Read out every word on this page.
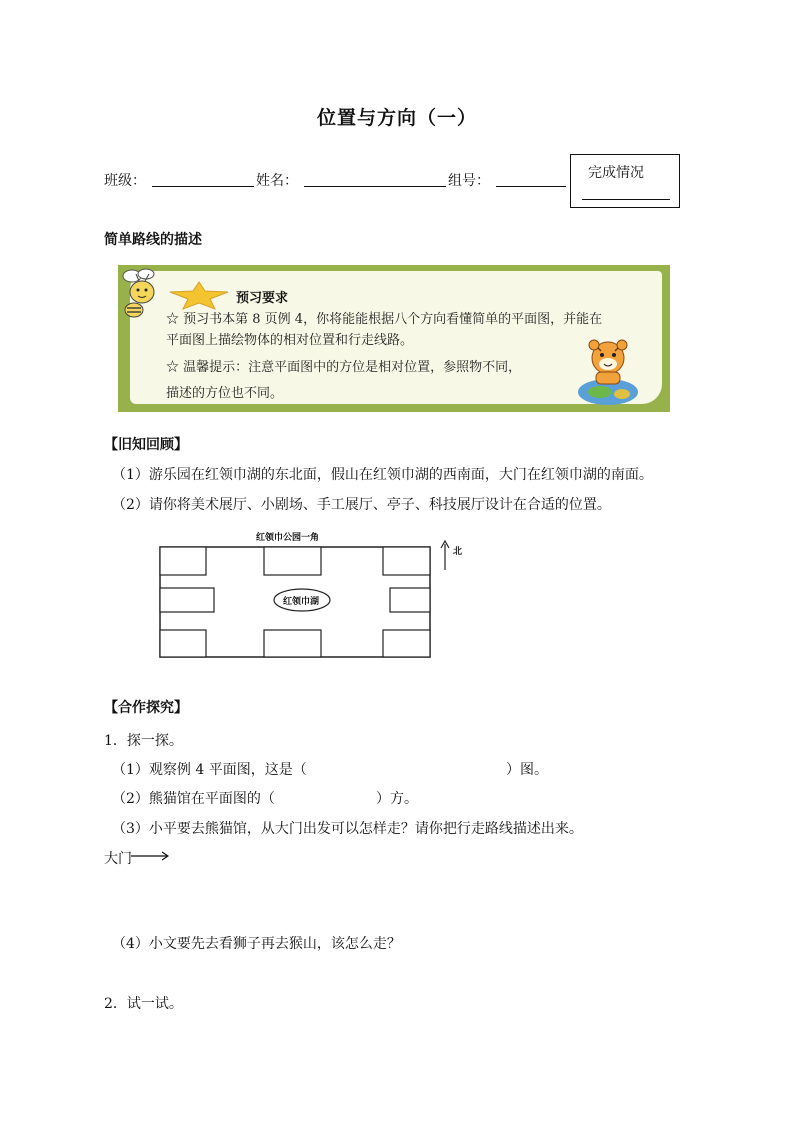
位置与方向（一）
班级：	姓名：	组号：	完成情况
简单路线的描述
预习要求
☆ 预习书本第 8 页例 4，你将能能根据八个方向看懂简单的平面图，并能在
平面图上描绘物体的相对位置和行走线路。
☆ 温馨提示：注意平面图中的方位是相对位置，参照物不同，
描述的方位也不同。
【旧知回顾】
（1）游乐园在红领巾湖的东北面，假山在红领巾湖的西南面，大门在红领巾湖的南面。
（2）请你将美术展厅、小剧场、手工展厅、亭子、科技展厅设计在合适的位置。
红领巾公园一角
红领巾湖
北
【合作探究】
1．探一探。
（1）观察例 4 平面图，这是（	）图。
（2）熊猫馆在平面图的（	）方。
（3）小平要去熊猫馆，从大门出发可以怎样走？请你把行走路线描述出来。
大门
（4）小文要先去看狮子再去猴山，该怎么走？
2．试一试。
